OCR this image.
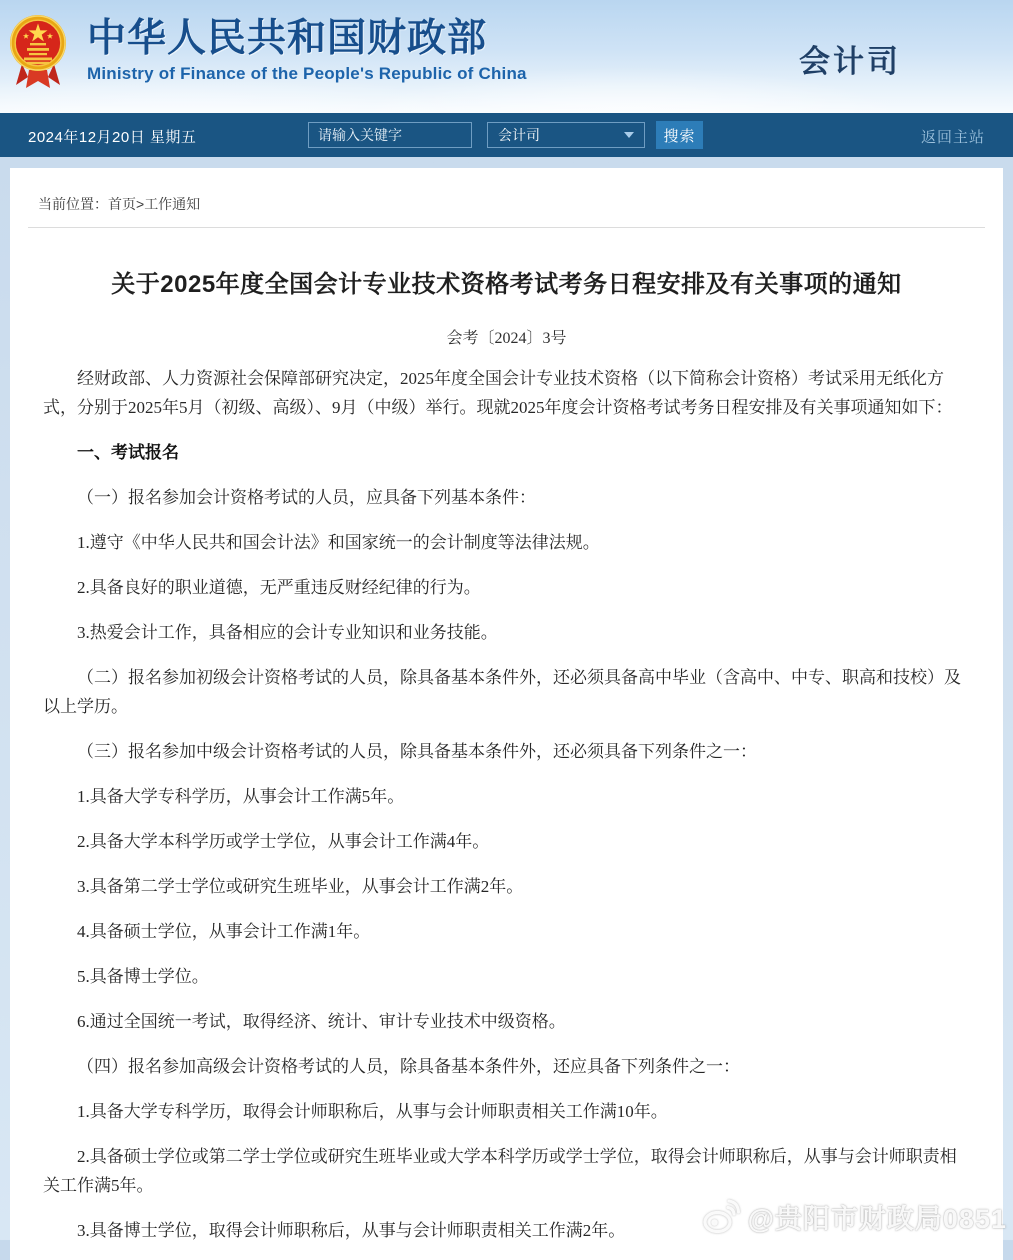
中华人民共和国财政部
Ministry of Finance of the People's Republic of China	会计司
2024年12月20日 星期五
请输入关键字	会计司	搜索	返回主站
当前位置：首页>工作通知
关于2025年度全国会计专业技术资格考试考务日程安排及有关事项的通知
会考〔2024〕3号

经财政部、人力资源社会保障部研究决定，2025年度全国会计专业技术资格（以下简称会计资格）考试采用无纸化方式，分别于2025年5月（初级、高级）、9月（中级）举行。现就2025年度会计资格考试考务日程安排及有关事项通知如下：

一、考试报名

（一）报名参加会计资格考试的人员，应具备下列基本条件：

1.遵守《中华人民共和国会计法》和国家统一的会计制度等法律法规。

2.具备良好的职业道德，无严重违反财经纪律的行为。

3.热爱会计工作，具备相应的会计专业知识和业务技能。

（二）报名参加初级会计资格考试的人员，除具备基本条件外，还必须具备高中毕业（含高中、中专、职高和技校）及以上学历。

（三）报名参加中级会计资格考试的人员，除具备基本条件外，还必须具备下列条件之一：

1.具备大学专科学历，从事会计工作满5年。

2.具备大学本科学历或学士学位，从事会计工作满4年。

3.具备第二学士学位或研究生班毕业，从事会计工作满2年。

4.具备硕士学位，从事会计工作满1年。

5.具备博士学位。

6.通过全国统一考试，取得经济、统计、审计专业技术中级资格。

（四）报名参加高级会计资格考试的人员，除具备基本条件外，还应具备下列条件之一：

1.具备大学专科学历，取得会计师职称后，从事与会计师职责相关工作满10年。

2.具备硕士学位或第二学士学位或研究生班毕业或大学本科学历或学士学位，取得会计师职称后，从事与会计师职责相关工作满5年。

3.具备博士学位，取得会计师职称后，从事与会计师职责相关工作满2年。	@贵阳市财政局0851
